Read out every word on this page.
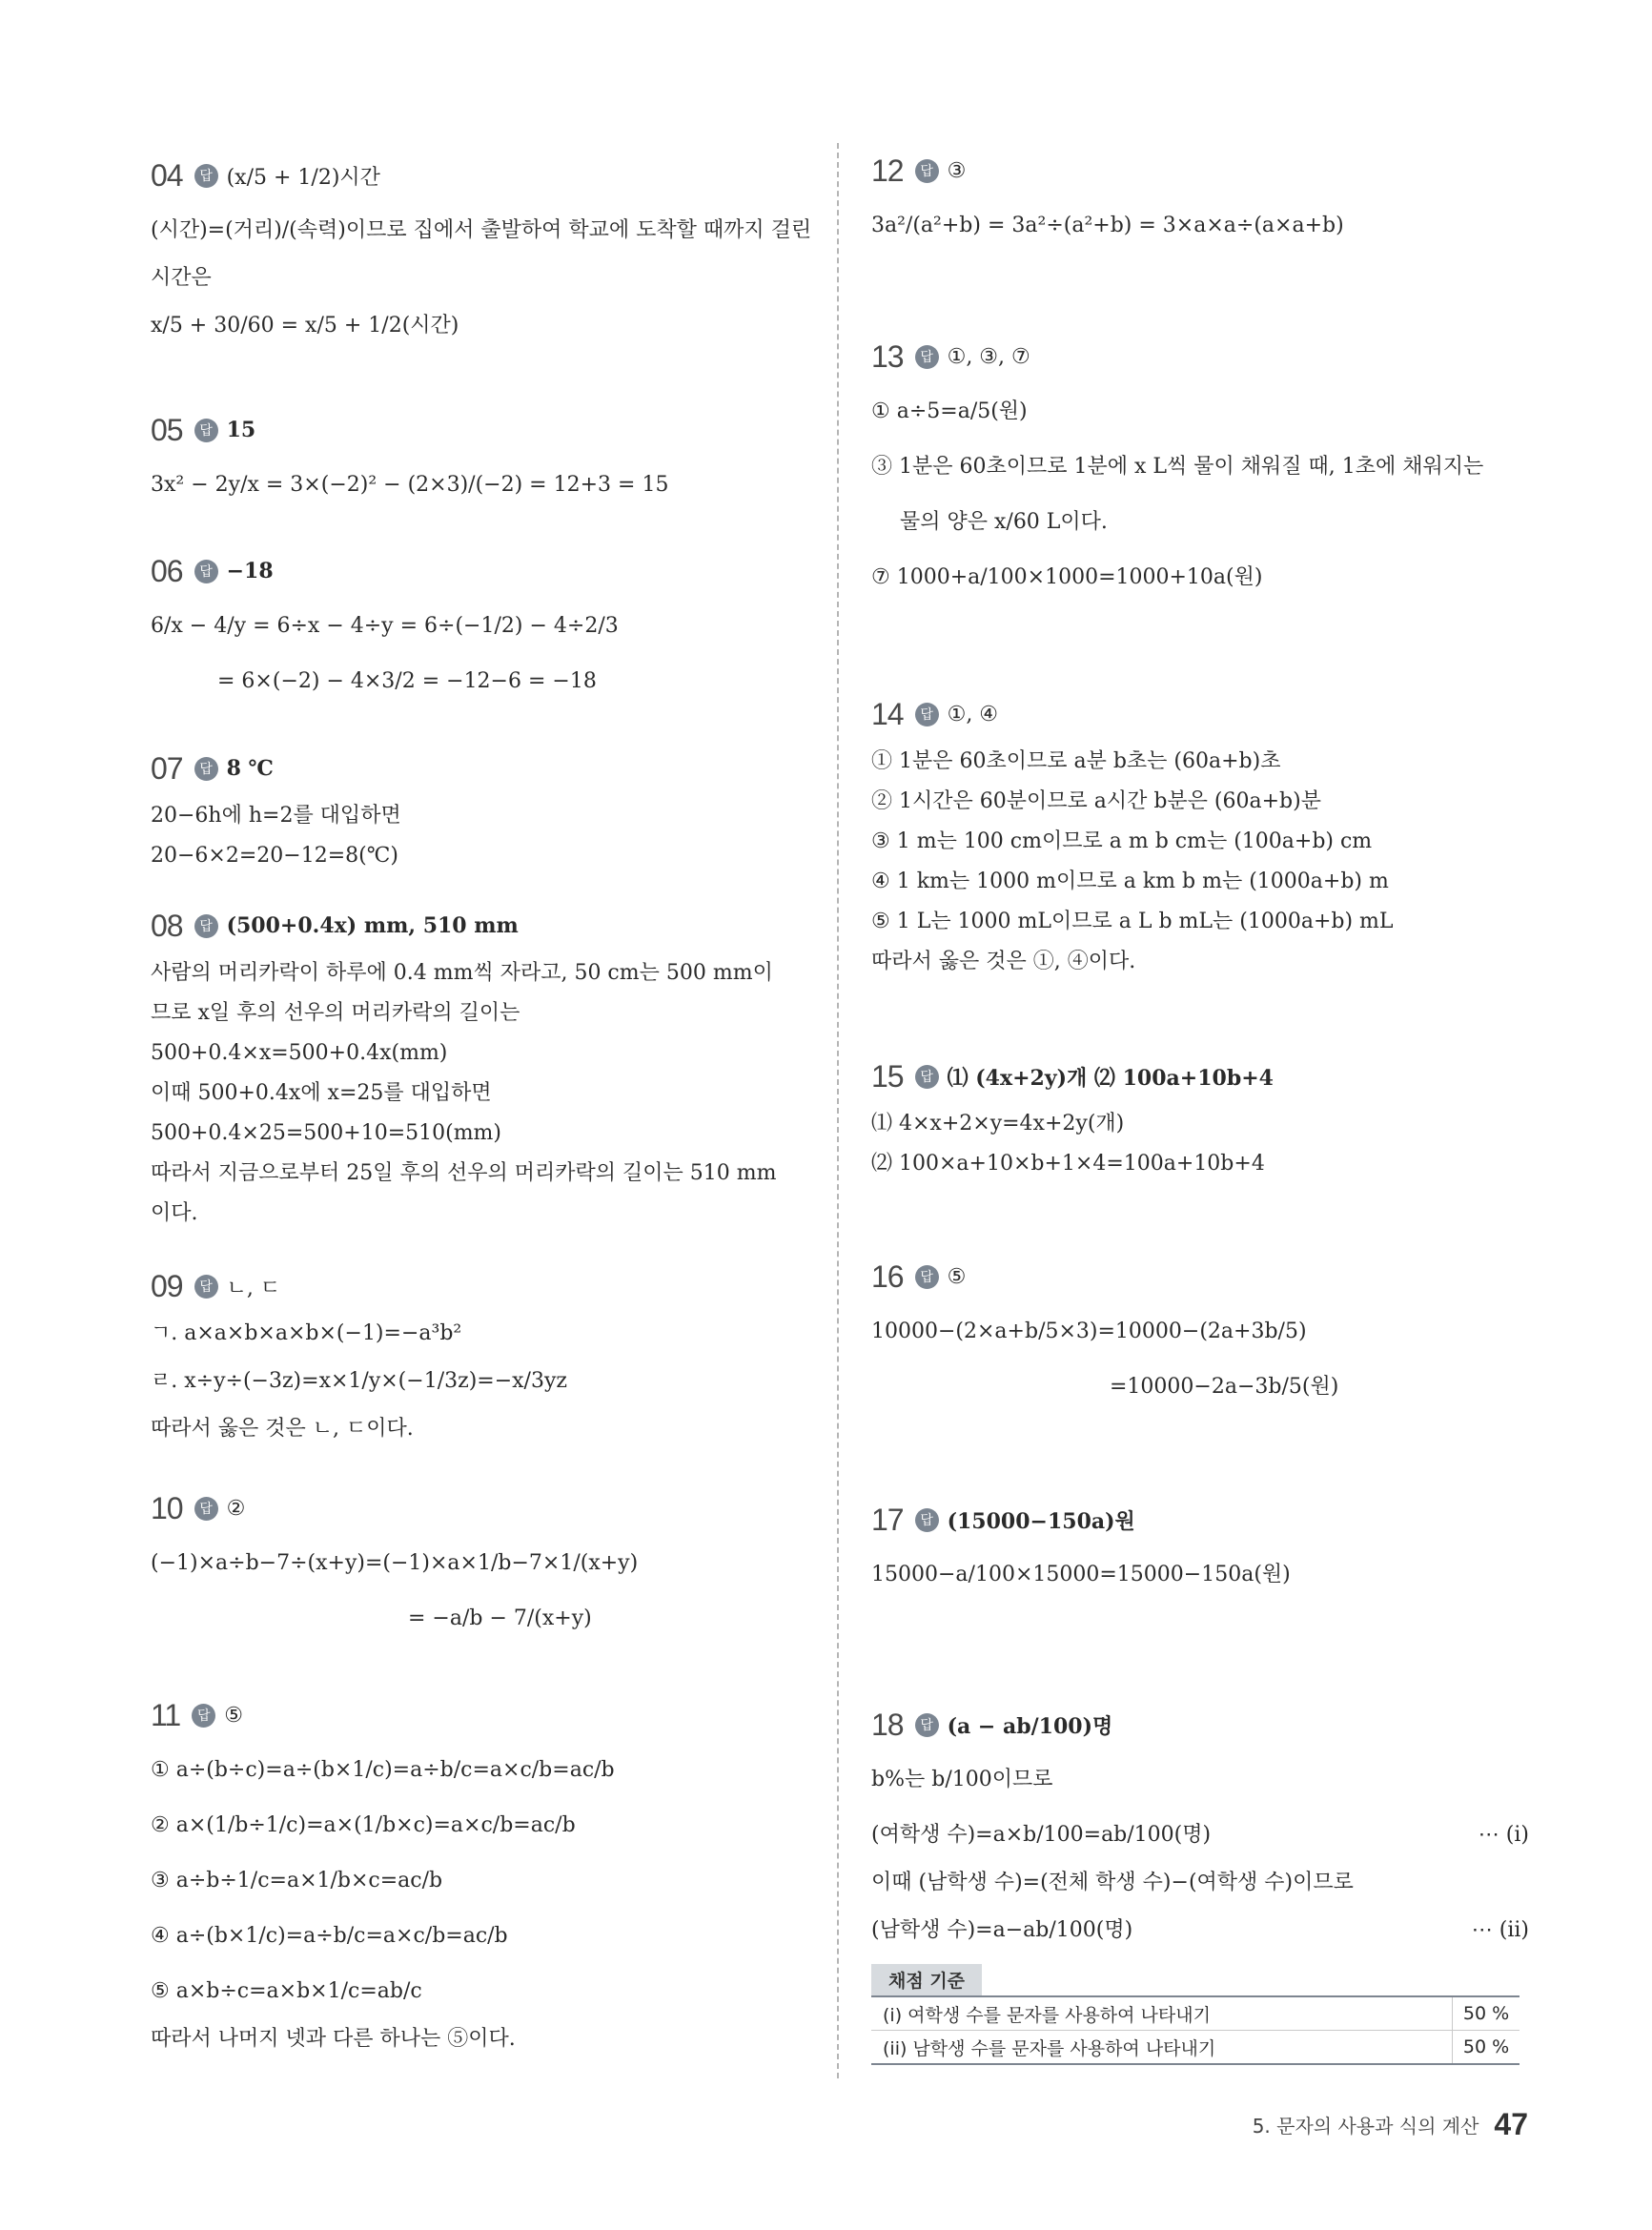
04	답 (x/5 + 1/2)시간
(시간)=(거리)/(속력)이므로 집에서 출발하여 학교에 도착할 때까지 걸린
시간은
x/5 + 30/60 = x/5 + 1/2(시간)
05	답 15
3x² − 2y/x = 3×(−2)² − (2×3)/(−2) = 12+3 = 15
06	답 −18
6/x − 4/y = 6÷x − 4÷y = 6÷(−1/2) − 4÷2/3
= 6×(−2) − 4×3/2 = −12−6 = −18
07	답 8 ℃
20−6h에 h=2를 대입하면
20−6×2=20−12=8(℃)
08	답 (500+0.4x) mm, 510 mm
사람의 머리카락이 하루에 0.4 mm씩 자라고, 50 cm는 500 mm이
므로 x일 후의 선우의 머리카락의 길이는
500+0.4×x=500+0.4x(mm)
이때 500+0.4x에 x=25를 대입하면
500+0.4×25=500+10=510(mm)
따라서 지금으로부터 25일 후의 선우의 머리카락의 길이는 510 mm
이다.
09	답 ㄴ, ㄷ
ㄱ. a×a×b×a×b×(−1)=−a³b²
ㄹ. x÷y÷(−3z)=x×1/y×(−1/3z)=−x/3yz
따라서 옳은 것은 ㄴ, ㄷ이다.
10	답 ②
(−1)×a÷b−7÷(x+y)=(−1)×a×1/b−7×1/(x+y)
= −a/b − 7/(x+y)
11	답 ⑤
① a÷(b÷c)=a÷(b×1/c)=a÷b/c=a×c/b=ac/b
② a×(1/b÷1/c)=a×(1/b×c)=a×c/b=ac/b
③ a÷b÷1/c=a×1/b×c=ac/b
④ a÷(b×1/c)=a÷b/c=a×c/b=ac/b
⑤ a×b÷c=a×b×1/c=ab/c
따라서 나머지 넷과 다른 하나는 ⑤이다.
12	답 ③
3a²/(a²+b) = 3a²÷(a²+b) = 3×a×a÷(a×a+b)
13	답 ①, ③, ⑦
① a÷5=a/5(원)
③ 1분은 60초이므로 1분에 x L씩 물이 채워질 때, 1초에 채워지는
물의 양은 x/60 L이다.
⑦ 1000+a/100×1000=1000+10a(원)
14	답 ①, ④
① 1분은 60초이므로 a분 b초는 (60a+b)초
② 1시간은 60분이므로 a시간 b분은 (60a+b)분
③ 1 m는 100 cm이므로 a m b cm는 (100a+b) cm
④ 1 km는 1000 m이므로 a km b m는 (1000a+b) m
⑤ 1 L는 1000 mL이므로 a L b mL는 (1000a+b) mL
따라서 옳은 것은 ①, ④이다.
15	답 ⑴ (4x+2y)개 ⑵ 100a+10b+4
⑴ 4×x+2×y=4x+2y(개)
⑵ 100×a+10×b+1×4=100a+10b+4
16	답 ⑤
10000−(2×a+b/5×3)=10000−(2a+3b/5)
=10000−2a−3b/5(원)
17	답 (15000−150a)원
15000−a/100×15000=15000−150a(원)
18	답 (a − ab/100)명
b%는 b/100이므로
(여학생 수)=a×b/100=ab/100(명)	⋯ (i)
이때 (남학생 수)=(전체 학생 수)−(여학생 수)이므로
(남학생 수)=a−ab/100(명)	⋯ (ii)
채점 기준
(i) 여학생 수를 문자를 사용하여 나타내기	50 %
(ii) 남학생 수를 문자를 사용하여 나타내기	50 %
5. 문자의 사용과 식의 계산 47
